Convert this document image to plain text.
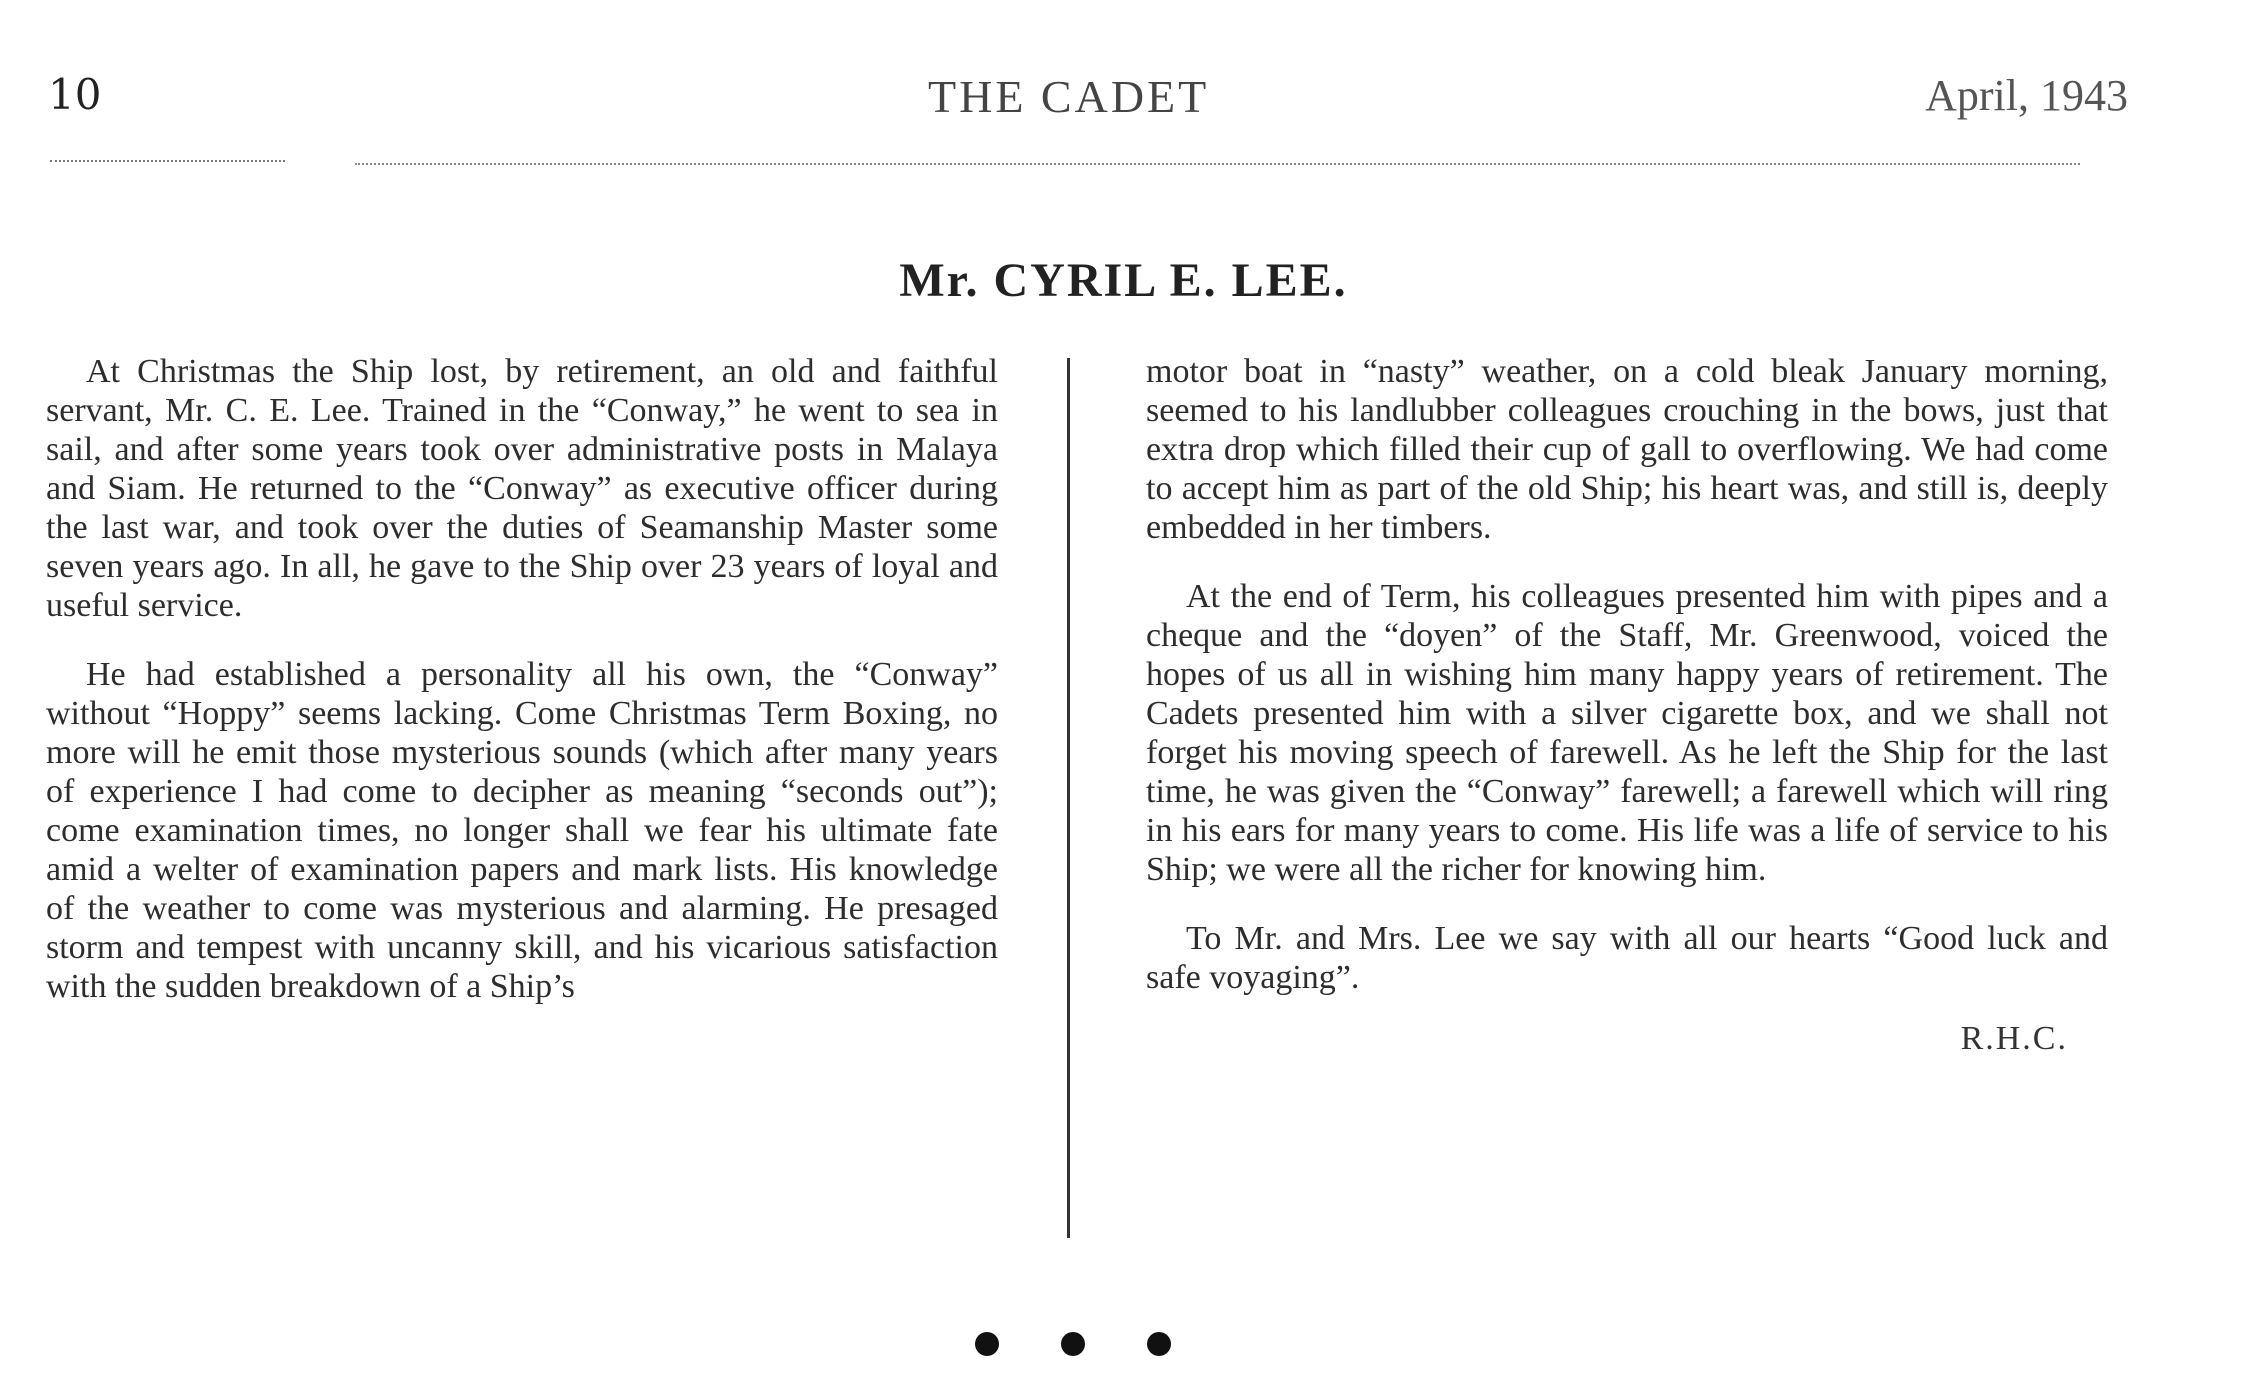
10	THE CADET	April, 1943
Mr. CYRIL E. LEE.

At Christmas the Ship lost, by retirement, an old and faithful servant, Mr. C. E. Lee. Trained in the “Conway,” he went to sea in sail, and after some years took over administrative posts in Malaya and Siam. He returned to the “Conway” as executive officer during the last war, and took over the duties of Seamanship Master some seven years ago. In all, he gave to the Ship over 23 years of loyal and useful service.

He had established a personality all his own, the “Conway” without “Hoppy” seems lacking. Come Christmas Term Boxing, no more will he emit those mysterious sounds (which after many years of experience I had come to decipher as meaning “seconds out”); come examination times, no longer shall we fear his ultimate fate amid a welter of examination papers and mark lists. His knowledge of the weather to come was mysterious and alarming. He presaged storm and tempest with uncanny skill, and his vicarious satisfaction with the sudden breakdown of a Ship’s

motor boat in “nasty” weather, on a cold bleak January morning, seemed to his landlubber colleagues crouching in the bows, just that extra drop which filled their cup of gall to overflowing. We had come to accept him as part of the old Ship; his heart was, and still is, deeply embedded in her timbers.

At the end of Term, his colleagues presented him with pipes and a cheque and the “doyen” of the Staff, Mr. Greenwood, voiced the hopes of us all in wishing him many happy years of retirement. The Cadets presented him with a silver cigarette box, and we shall not forget his moving speech of farewell. As he left the Ship for the last time, he was given the “Conway” farewell; a farewell which will ring in his ears for many years to come. His life was a life of service to his Ship; we were all the richer for knowing him.

To Mr. and Mrs. Lee we say with all our hearts “Good luck and safe voyaging”.

R.H.C.
